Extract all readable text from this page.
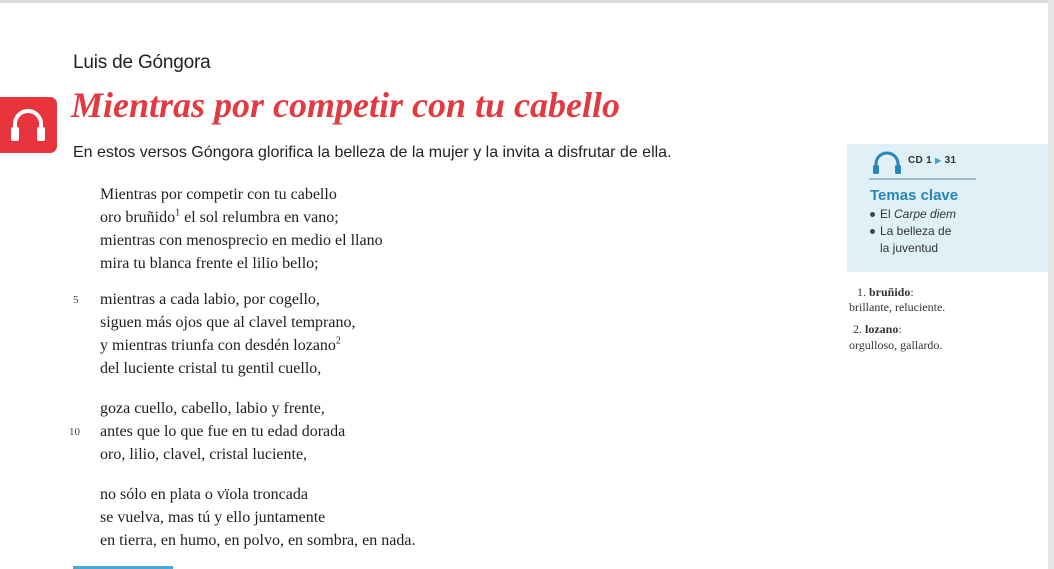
Luis de Góngora
Mientras por competir con tu cabello
En estos versos Góngora glorifica la belleza de la mujer y la invita a disfrutar de ella.
Mientras por competir con tu cabello
oro bruñido$^1$ el sol relumbra en vano;
mientras con menosprecio en medio el llano
mira tu blanca frente el lilio bello;
5 mientras a cada labio, por cogello,
siguen más ojos que al clavel temprano,
y mientras triunfa con desdén lozano$^2$
del luciente cristal tu gentil cuello,
goza cuello, cabello, labio y frente,
10 antes que lo que fue en tu edad dorada
oro, lilio, clavel, cristal luciente,
no sólo en plata o vïola troncada
se vuelva, mas tú y ello juntamente
en tierra, en humo, en polvo, en sombra, en nada.
CD 1 ▶ 31
Temas clave
El Carpe diem
La belleza de
la juventud
1. bruñido:
brillante, reluciente.
2. lozano:
orgulloso, gallardo.
